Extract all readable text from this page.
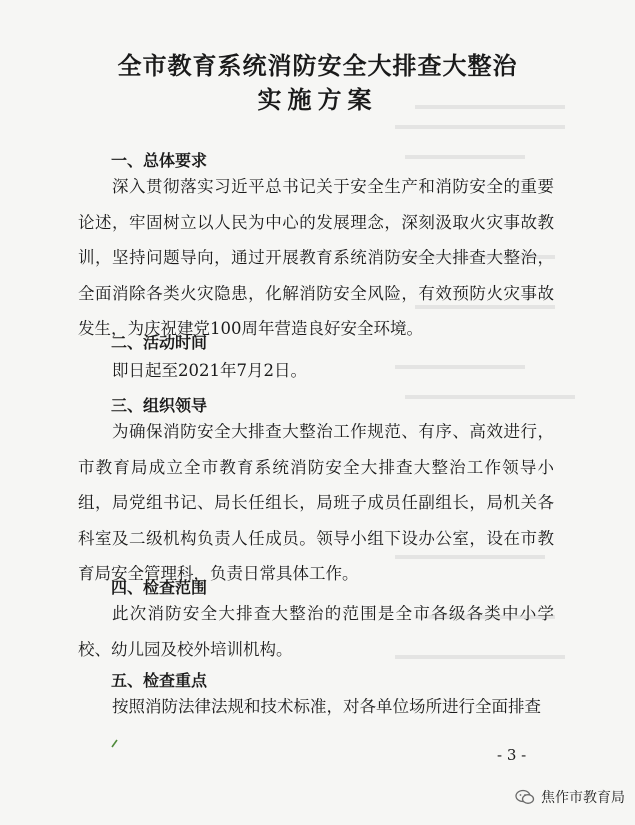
全市教育系统消防安全大排查大整治
实施方案
一、总体要求
深入贯彻落实习近平总书记关于安全生产和消防安全的重要论述，牢固树立以人民为中心的发展理念，深刻汲取火灾事故教训，坚持问题导向，通过开展教育系统消防安全大排查大整治，全面消除各类火灾隐患，化解消防安全风险，有效预防火灾事故发生，为庆祝建党100周年营造良好安全环境。
二、活动时间
即日起至2021年7月2日。
三、组织领导
为确保消防安全大排查大整治工作规范、有序、高效进行，市教育局成立全市教育系统消防安全大排查大整治工作领导小组，局党组书记、局长任组长，局班子成员任副组长，局机关各科室及二级机构负责人任成员。领导小组下设办公室，设在市教育局安全管理科，负责日常具体工作。
四、检查范围
此次消防安全大排查大整治的范围是全市各级各类中小学校、幼儿园及校外培训机构。
五、检查重点
按照消防法律法规和技术标准，对各单位场所进行全面排查
- 3 -
焦作市教育局
